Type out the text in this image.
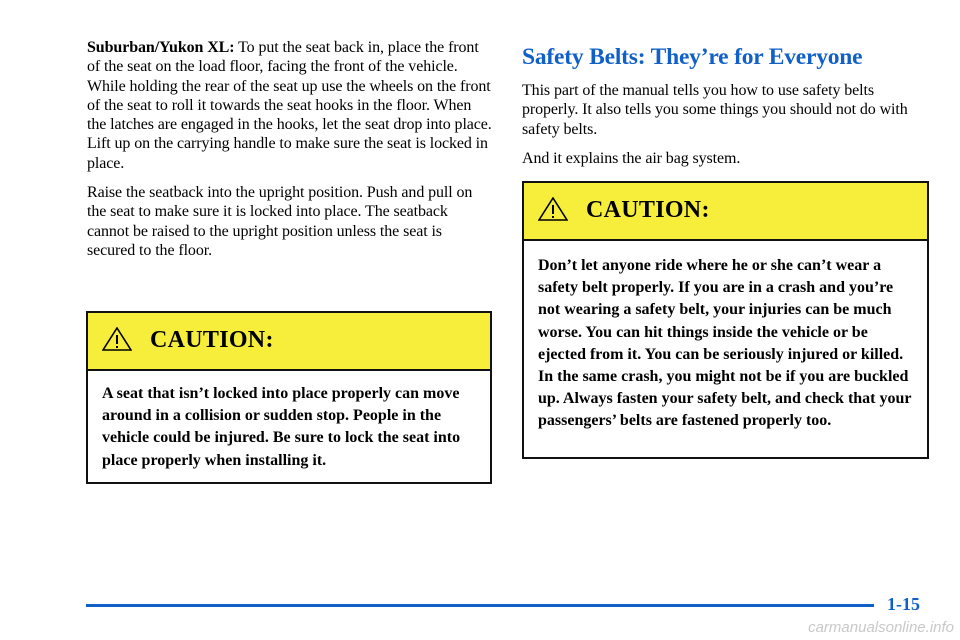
Suburban/Yukon XL: To put the seat back in, place the front of the seat on the load floor, facing the front of the vehicle. While holding the rear of the seat up use the wheels on the front of the seat to roll it towards the seat hooks in the floor. When the latches are engaged in the hooks, let the seat drop into place. Lift up on the carrying handle to make sure the seat is locked in place.

Raise the seatback into the upright position. Push and pull on the seat to make sure it is locked into place. The seatback cannot be raised to the upright position unless the seat is secured to the floor.

CAUTION:
A seat that isn’t locked into place properly can move around in a collision or sudden stop. People in the vehicle could be injured. Be sure to lock the seat into place properly when installing it.
Safety Belts: They’re for Everyone

This part of the manual tells you how to use safety belts properly. It also tells you some things you should not do with safety belts.

And it explains the air bag system.

CAUTION:
Don’t let anyone ride where he or she can’t wear a safety belt properly. If you are in a crash and you’re not wearing a safety belt, your injuries can be much worse. You can hit things inside the vehicle or be ejected from it. You can be seriously injured or killed. In the same crash, you might not be if you are buckled up. Always fasten your safety belt, and check that your passengers’ belts are fastened properly too.
1-15
carmanualsonline.info
